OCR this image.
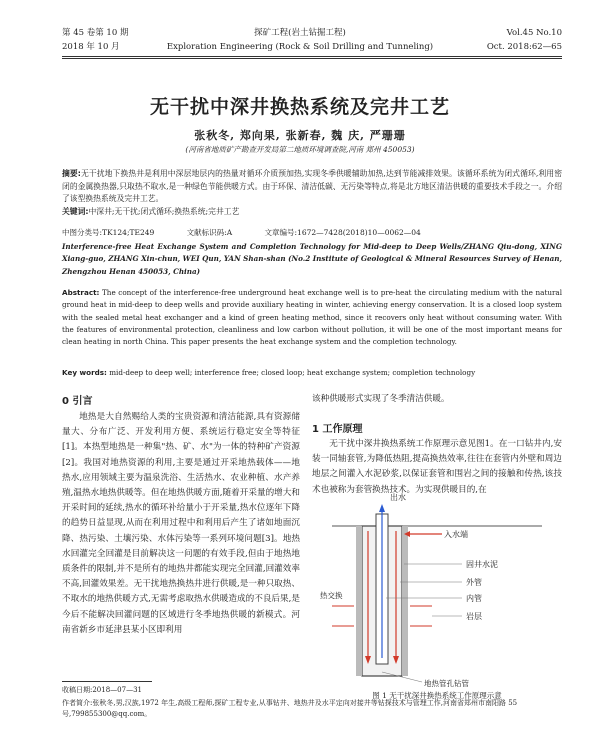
第 45 卷第 10 期	探矿工程(岩土钻掘工程)	Vol.45 No.10
2018 年 10 月	Exploration Engineering (Rock & Soil Drilling and Tunneling)	Oct. 2018:62—65
无干扰中深井换热系统及完井工艺
张秋冬, 郑向果, 张新春, 魏 庆, 严珊珊
(河南省地质矿产勘查开发局第二地质环境调查院,河南 郑州 450053)
摘要:无干扰地下换热井是利用中深层地层内的热量对循环介质预加热,实现冬季供暖辅助加热,达到节能减排效果。该循环系统为闭式循环,利用密闭的金属换热器,只取热不取水,是一种绿色节能供暖方式。由于环保、清洁低碳、无污染等特点,将是北方地区清洁供暖的重要技术手段之一。介绍了该型换热系统及完井工艺。
关键词:中深井;无干扰;闭式循环;换热系统;完井工艺
中图分类号:TK124;TE249	文献标识码:A	文章编号:1672—7428(2018)10—0062—04
Interference-free Heat Exchange System and Completion Technology for Mid-deep to Deep Wells/ZHANG Qiu-dong, XING Xiang-guo, ZHANG Xin-chun, WEI Qun, YAN Shan-shan (No.2 Institute of Geological & Mineral Resources Survey of Henan, Zhengzhou Henan 450053, China)
Abstract: The concept of the interference-free underground heat exchange well is to pre-heat the circulating medium with the natural ground heat in mid-deep to deep wells and provide auxiliary heating in winter, achieving energy conservation. It is a closed loop system with the sealed metal heat exchanger and a kind of green heating method, since it recovers only heat without consuming water. With the features of environmental protection, cleanliness and low carbon without pollution, it will be one of the most important means for clean heating in north China. This paper presents the heat exchange system and the completion technology.
Key words: mid-deep to deep well; interference free; closed loop; heat exchange system; completion technology
0 引言
地热是大自然赐给人类的宝贵资源和清洁能源,具有资源储量大、分布广泛、开发利用方便、系统运行稳定安全等特征[1]。本热型地热是一种集"热、矿、水"为一体的特种矿产资源[2]。我国对地热资源的利用,主要是通过开采地热载体——地热水,应用领域主要为温泉洗浴、生活热水、农业种植、水产养殖,温热水地热供暖等。但在地热供暖方面,随着开采量的增大和开采时间的延续,热水的循环补给量小于开采量,热水位逐年下降的趋势日益显现,从而在利用过程中和利用后产生了诸如地面沉降、热污染、土壤污染、水体污染等一系列环境问题[3]。地热水回灌完全回灌是目前解决这一问题的有效手段,但由于地热地质条件的限制,并不是所有的地热井都能实现完全回灌,回灌效率不高,回灌效果差。无干扰地热换热井进行供暖,是一种只取热、不取水的地热供暖方式,无需考虑取热水供暖造成的不良后果,是今后不能解决回灌问题的区域进行冬季地热供暖的新模式。河南省新乡市延津县某小区即利用
该种供暖形式实现了冬季清洁供暖。
1 工作原理
无干扰中深井换热系统工作原理示意见图1。在一口钻井内,安装一同轴套管,为降低热阻,提高换热效率,往往在套管内外壁和周边地层之间灌入水泥砂浆,以保证套管和围岩之间的接触和传热,该技术也被称为套管换热技术。为实现供暖目的,在
出水
入水端
固井水泥
外管
内管
岩层
热交换
地热管孔钻管
图 1 无干扰深井换热系统工作原理示意
收稿日期:2018—07—31
作者简介:张秋冬,男,汉族,1972 年生,高级工程师,探矿工程专业,从事钻井、地热井及水平定向对接井等钻探技术与管理工作,河南省郑州市南阳路 55 号,799855300@qq.com。
